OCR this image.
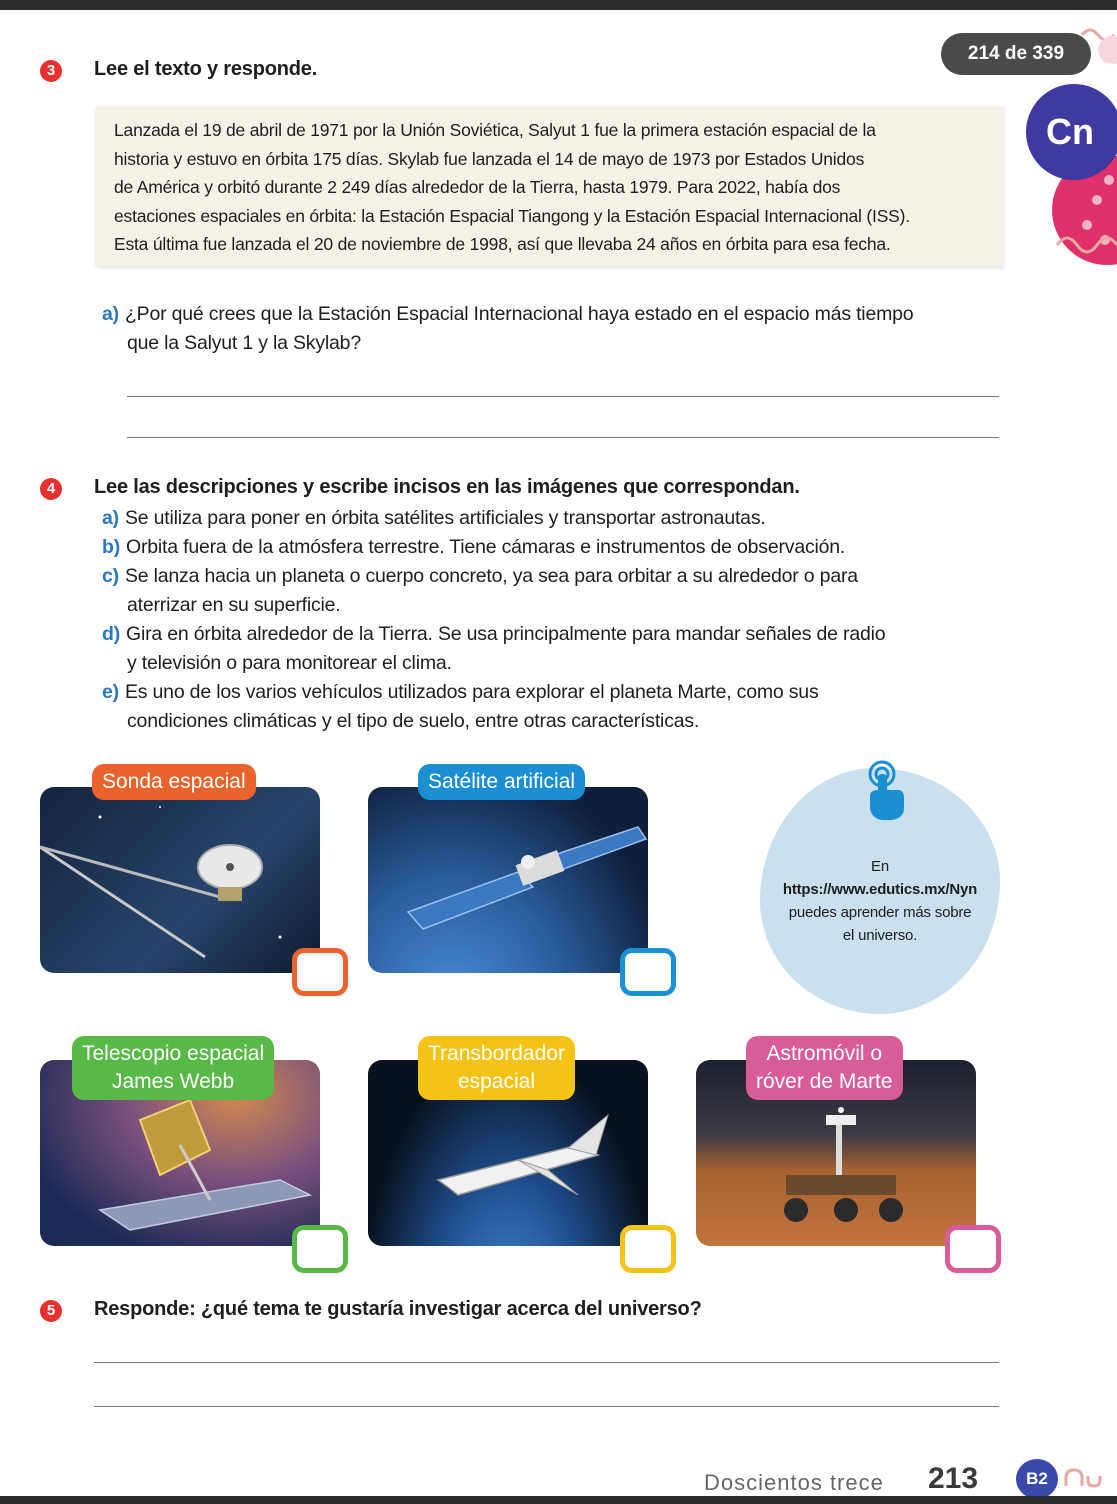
Cn
214 de 339
3	Lee el texto y responde.
Lanzada el 19 de abril de 1971 por la Unión Soviética, Salyut 1 fue la primera estación espacial de la
historia y estuvo en órbita 175 días. Skylab fue lanzada el 14 de mayo de 1973 por Estados Unidos
de América y orbitó durante 2 249 días alrededor de la Tierra, hasta 1979. Para 2022, había dos
estaciones espaciales en órbita: la Estación Espacial Tiangong y la Estación Espacial Internacional (ISS).
Esta última fue lanzada el 20 de noviembre de 1998, así que llevaba 24 años en órbita para esa fecha.
a) ¿Por qué crees que la Estación Espacial Internacional haya estado en el espacio más tiempo
que la Salyut 1 y la Skylab?
4	Lee las descripciones y escribe incisos en las imágenes que correspondan.
a) Se utiliza para poner en órbita satélites artificiales y transportar astronautas.
b) Orbita fuera de la atmósfera terrestre. Tiene cámaras e instrumentos de observación.
c) Se lanza hacia un planeta o cuerpo concreto, ya sea para orbitar a su alrededor o para
aterrizar en su superficie.
d) Gira en órbita alrededor de la Tierra. Se usa principalmente para mandar señales de radio
y televisión o para monitorear el clima.
e) Es uno de los varios vehículos utilizados para explorar el planeta Marte, como sus
condiciones climáticas y el tipo de suelo, entre otras características.
Sonda espacial	Satélite artificial
En
https://www.edutics.mx/Nyn
puedes aprender más sobre
el universo.
Telescopio espacial
James Webb
Transbordador
espacial
Astromóvil o
róver de Marte
5	Responde: ¿qué tema te gustaría investigar acerca del universo?
Doscientos trece 213	B2
